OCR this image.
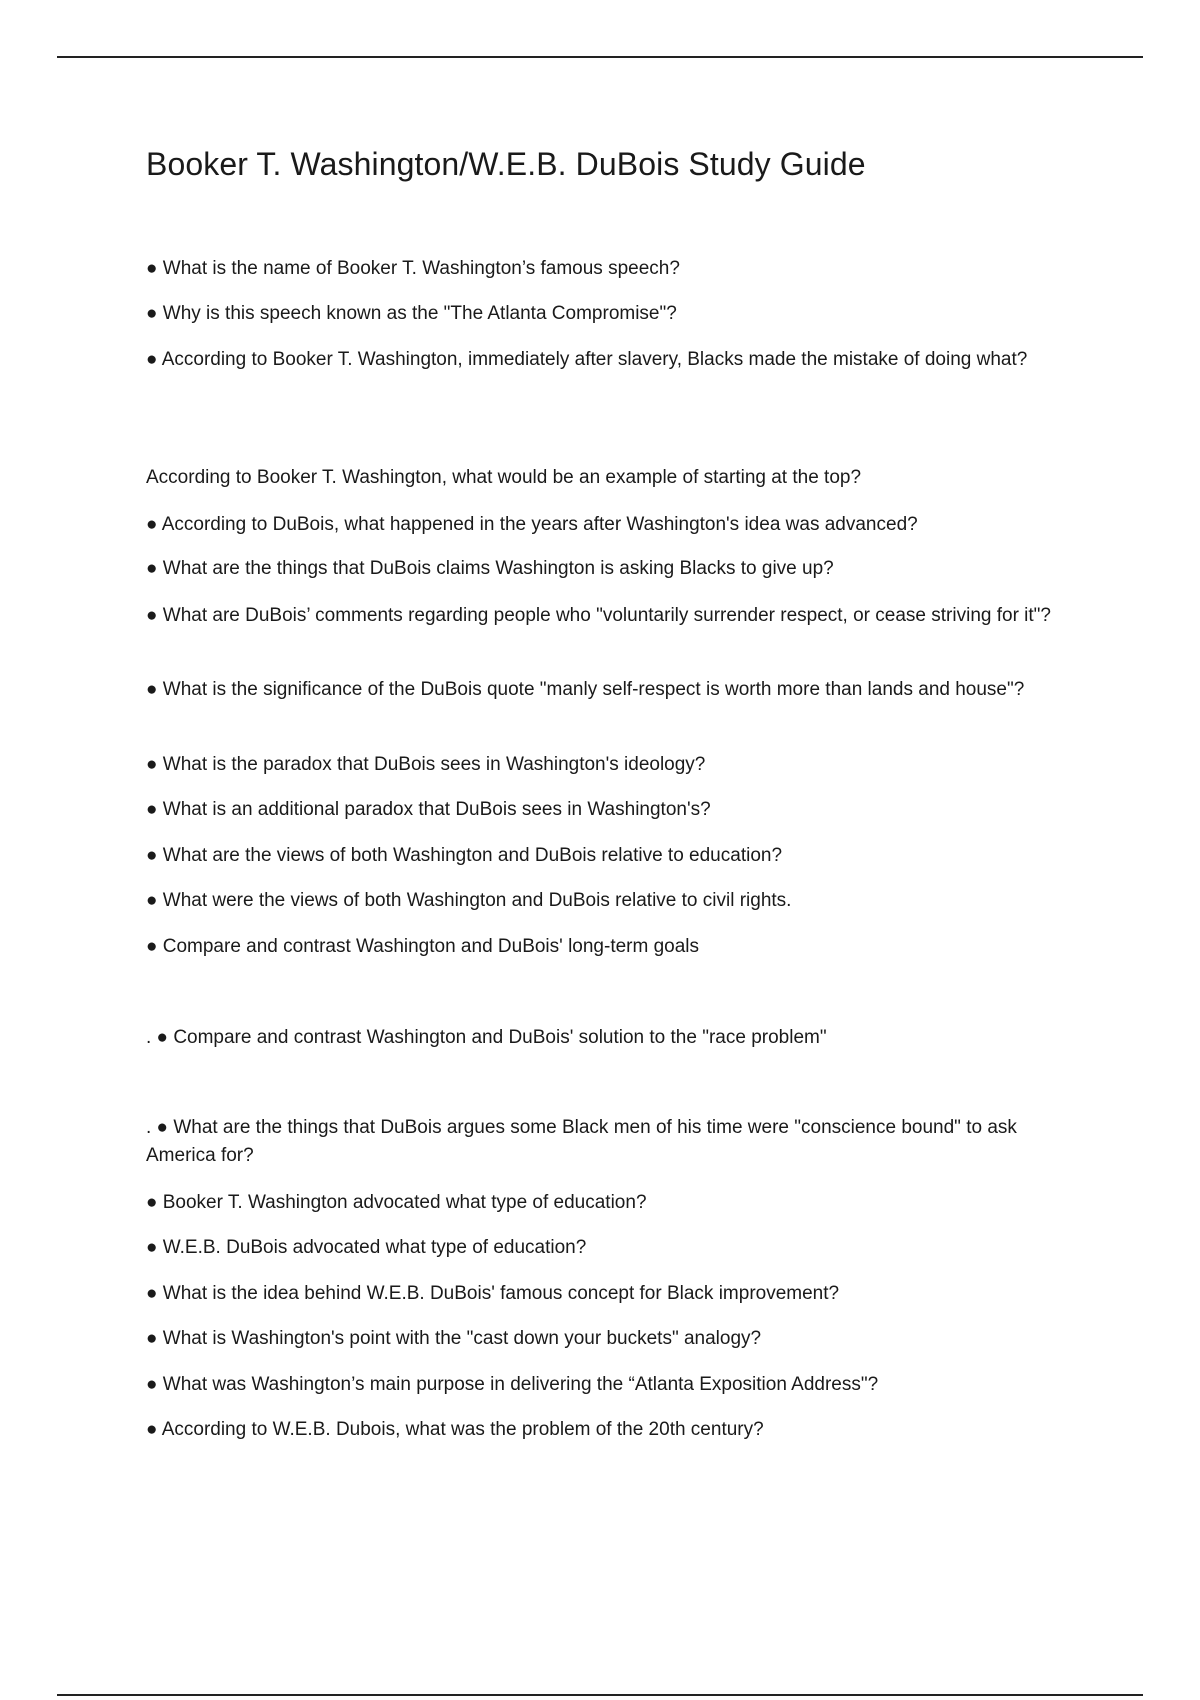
Booker T. Washington/W.E.B. DuBois Study Guide

● What is the name of Booker T. Washington’s famous speech?

● Why is this speech known as the "The Atlanta Compromise"?

● According to Booker T. Washington, immediately after slavery, Blacks made the mistake of doing what?

According to Booker T. Washington, what would be an example of starting at the top?

● According to DuBois, what happened in the years after Washington's idea was advanced?

● What are the things that DuBois claims Washington is asking Blacks to give up?

● What are DuBois’ comments regarding people who "voluntarily surrender respect, or cease striving for it"?

● What is the significance of the DuBois quote "manly self-respect is worth more than lands and house"?

● What is the paradox that DuBois sees in Washington's ideology?

● What is an additional paradox that DuBois sees in Washington's?

● What are the views of both Washington and DuBois relative to education?

● What were the views of both Washington and DuBois relative to civil rights.

● Compare and contrast Washington and DuBois' long-term goals

. ● Compare and contrast Washington and DuBois' solution to the "race problem"

. ● What are the things that DuBois argues some Black men of his time were "conscience bound" to ask America for?

● Booker T. Washington advocated what type of education?

● W.E.B. DuBois advocated what type of education?

● What is the idea behind W.E.B. DuBois' famous concept for Black improvement?

● What is Washington's point with the "cast down your buckets" analogy?

● What was Washington’s main purpose in delivering the “Atlanta Exposition Address"?

● According to W.E.B. Dubois, what was the problem of the 20th century?
